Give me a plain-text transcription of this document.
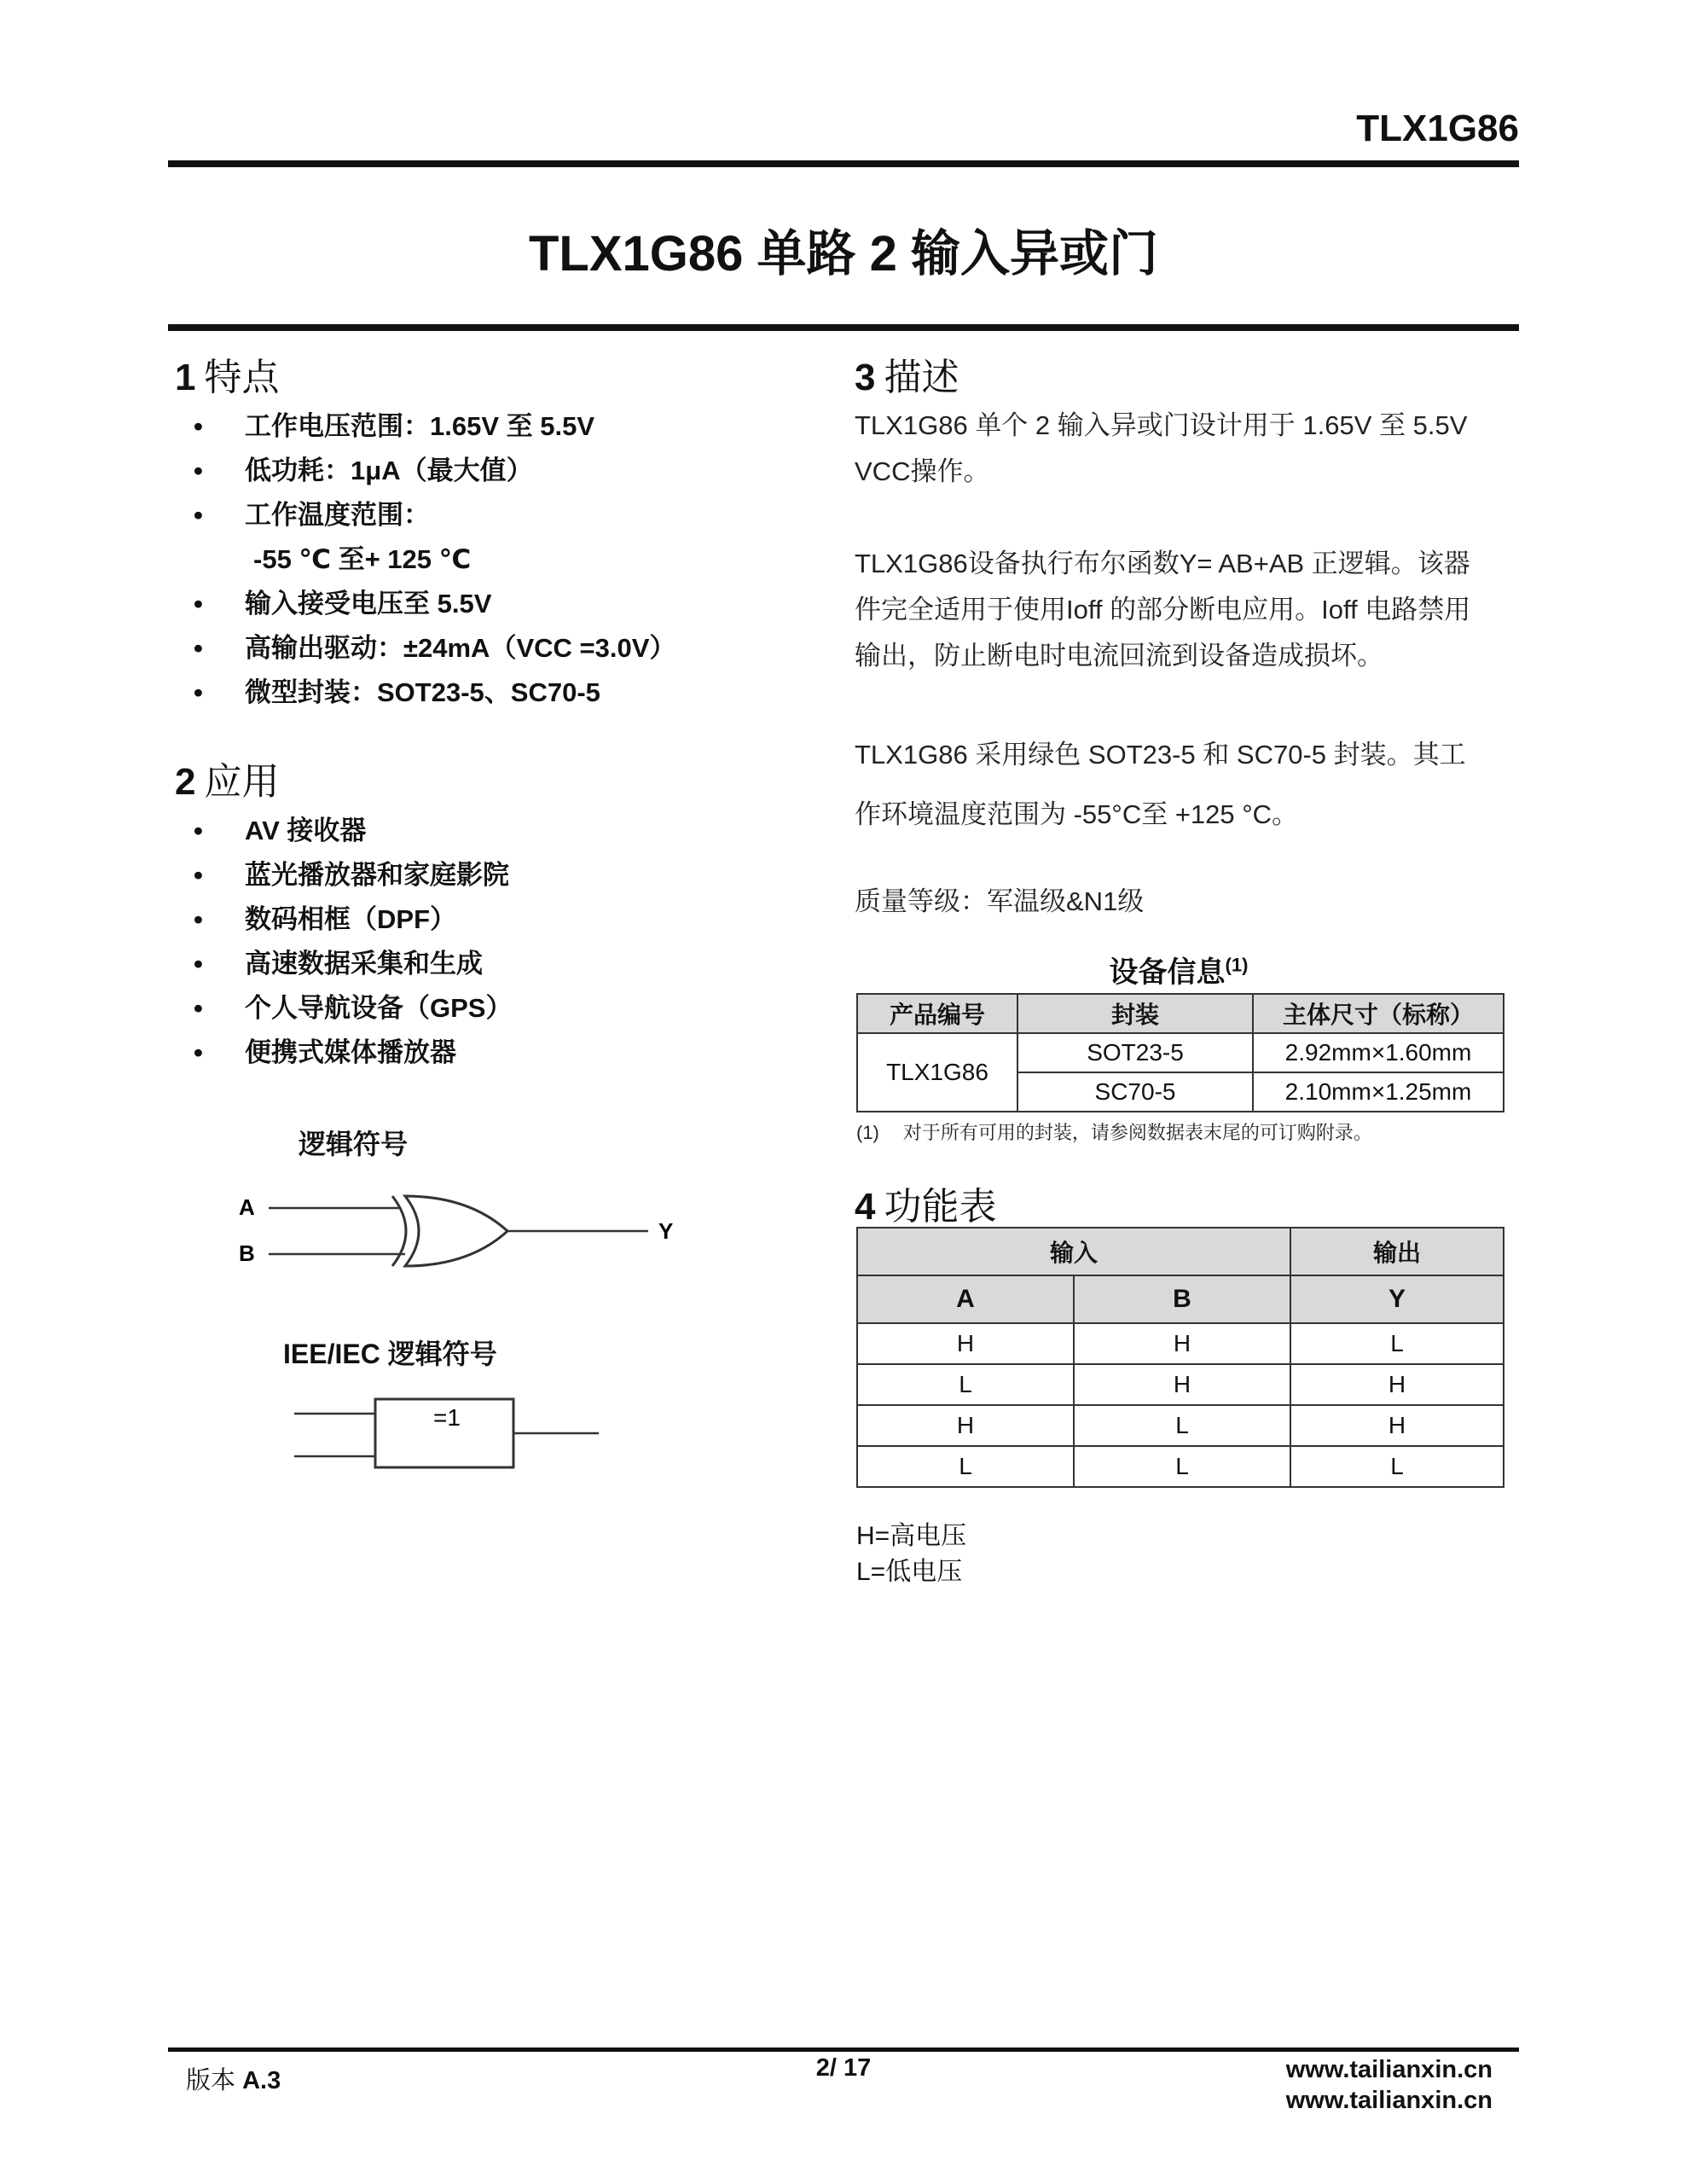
TLX1G86
TLX1G86 单路 2 输入异或门
1 特点
• 工作电压范围：1.65V 至 5.5V
• 低功耗：1μA（最大值）
• 工作温度范围：
-55 ℃ 至+ 125 ℃
• 输入接受电压至 5.5V
• 高输出驱动：±24mA（VCC =3.0V）
• 微型封装：SOT23-5、SC70-5
2 应用
• AV 接收器
• 蓝光播放器和家庭影院
• 数码相框（DPF）
• 高速数据采集和生成
• 个人导航设备（GPS）
• 便携式媒体播放器
逻辑符号
A
B
Y
IEE/IEC 逻辑符号
=1
3 描述
TLX1G86 单个 2 输入异或门设计用于 1.65V 至 5.5V
VCC操作。
TLX1G86设备执行布尔函数Y= AB+AB 正逻辑。该器
件完全适用于使用Ioff 的部分断电应用。Ioff 电路禁用
输出，防止断电时电流回流到设备造成损坏。
TLX1G86 采用绿色 SOT23-5 和 SC70-5 封装。其工
作环境温度范围为 -55°C至 +125 °C。
质量等级：军温级&N1级
设备信息$^{(1)}$
产品编号	封装	主体尺寸（标称）
TLX1G86	SOT23-5	2.92mm×1.60mm
	SC70-5	2.10mm×1.25mm
(1) 对于所有可用的封装，请参阅数据表末尾的可订购附录。
4 功能表
输入		输出
A	B	Y
H	H	L
L	H	H
H	L	H
L	L	L
H=高电压
L=低电压
版本 A.3	2/ 17	www.tailianxin.cn
www.tailianxin.cn
